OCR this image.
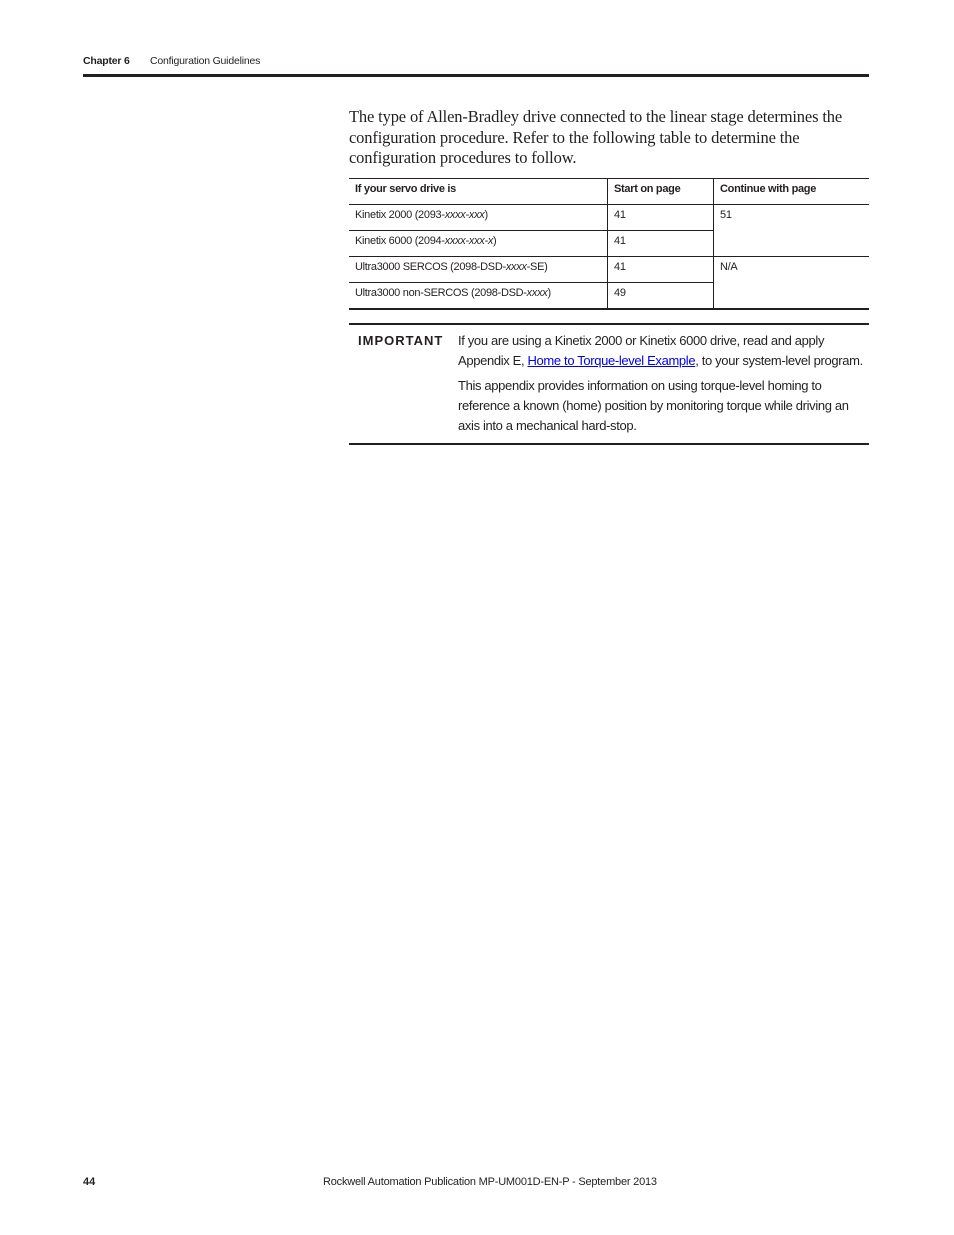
Chapter 6 Configuration Guidelines
The type of Allen-Bradley drive connected to the linear stage determines the configuration procedure. Refer to the following table to determine the configuration procedures to follow.
If your servo drive is	Start on page	Continue with page
Kinetix 2000 (2093-xxxx-xxx)	41	51
Kinetix 6000 (2094-xxxx-xxx-x)	41	
Ultra3000 SERCOS (2098-DSD-xxxx-SE)	41	N/A
Ultra3000 non-SERCOS (2098-DSD-xxxx)	49	
IMPORTANT If you are using a Kinetix 2000 or Kinetix 6000 drive, read and apply Appendix E, Home to Torque-level Example, to your system-level program.

This appendix provides information on using torque-level homing to reference a known (home) position by monitoring torque while driving an axis into a mechanical hard-stop.

44	Rockwell Automation Publication MP-UM001D-EN-P - September 2013
